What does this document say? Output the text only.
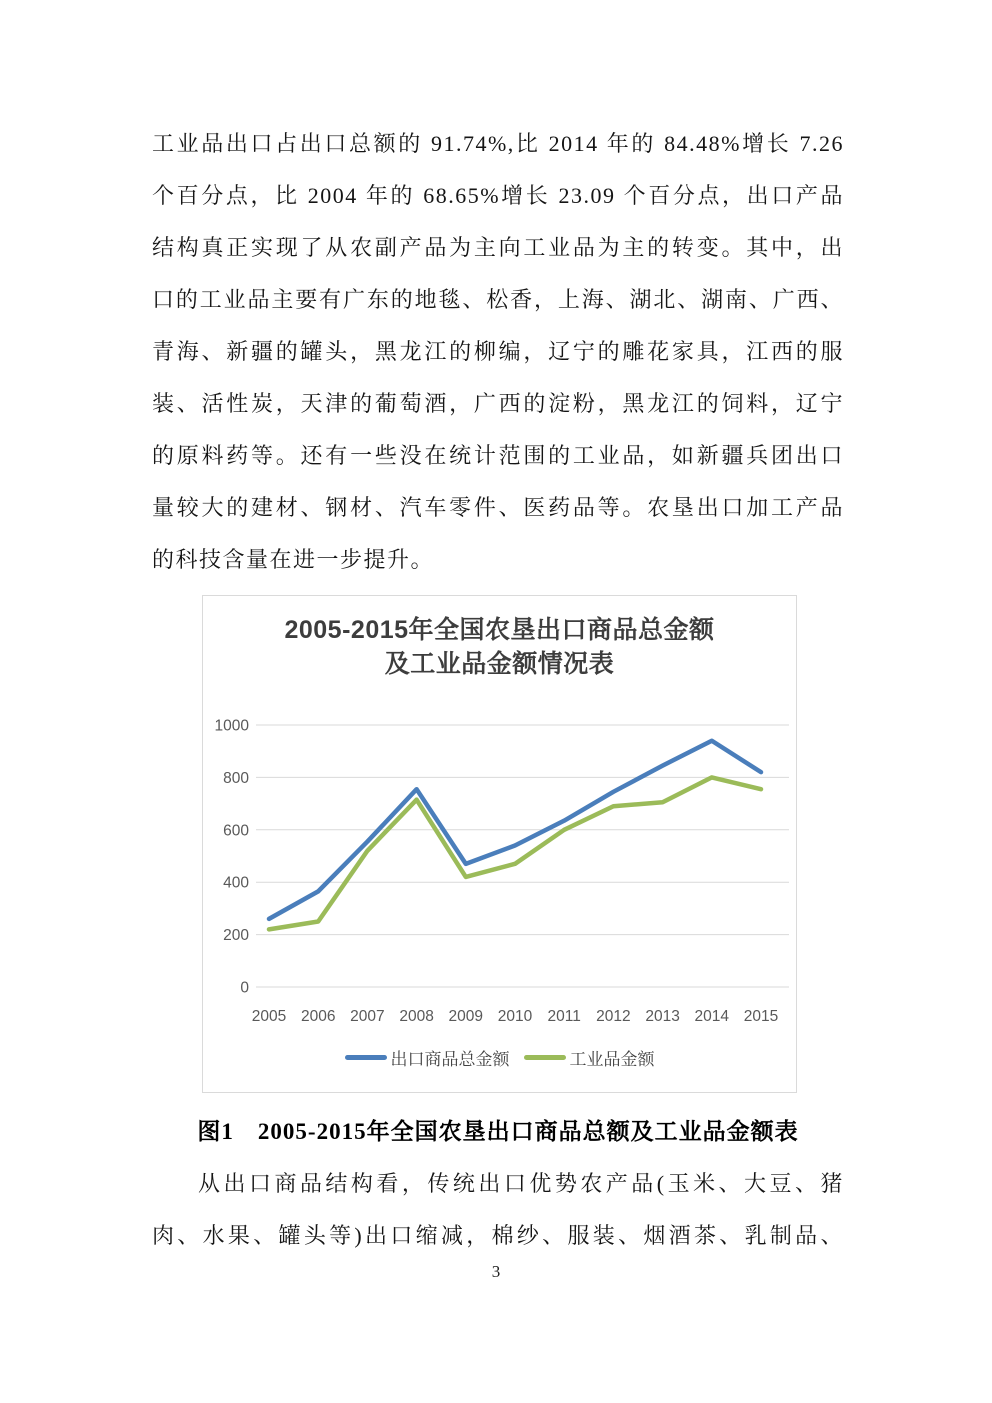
工业品出口占出口总额的 91.74%,比 2014 年的 84.48%增长 7.26
个百分点，比 2004 年的 68.65%增长 23.09 个百分点，出口产品
结构真正实现了从农副产品为主向工业品为主的转变。其中，出
口的工业品主要有广东的地毯、松香，上海、湖北、湖南、广西、
青海、新疆的罐头，黑龙江的柳编，辽宁的雕花家具，江西的服
装、活性炭，天津的葡萄酒，广西的淀粉，黑龙江的饲料，辽宁
的原料药等。还有一些没在统计范围的工业品，如新疆兵团出口
量较大的建材、钢材、汽车零件、医药品等。农垦出口加工产品
的科技含量在进一步提升。
0
200
400
600
800
1000
2005 2006 2007 2008 2009 2010 2011 2012 2013 2014 2015
2005-2015年全国农垦出口商品总金额
及工业品金额情况表
出口商品总金额	工业品金额
图1　2005-2015年全国农垦出口商品总额及工业品金额表
从出口商品结构看，传统出口优势农产品(玉米、大豆、猪
肉、水果、罐头等)出口缩减，棉纱、服装、烟酒茶、乳制品、
3
